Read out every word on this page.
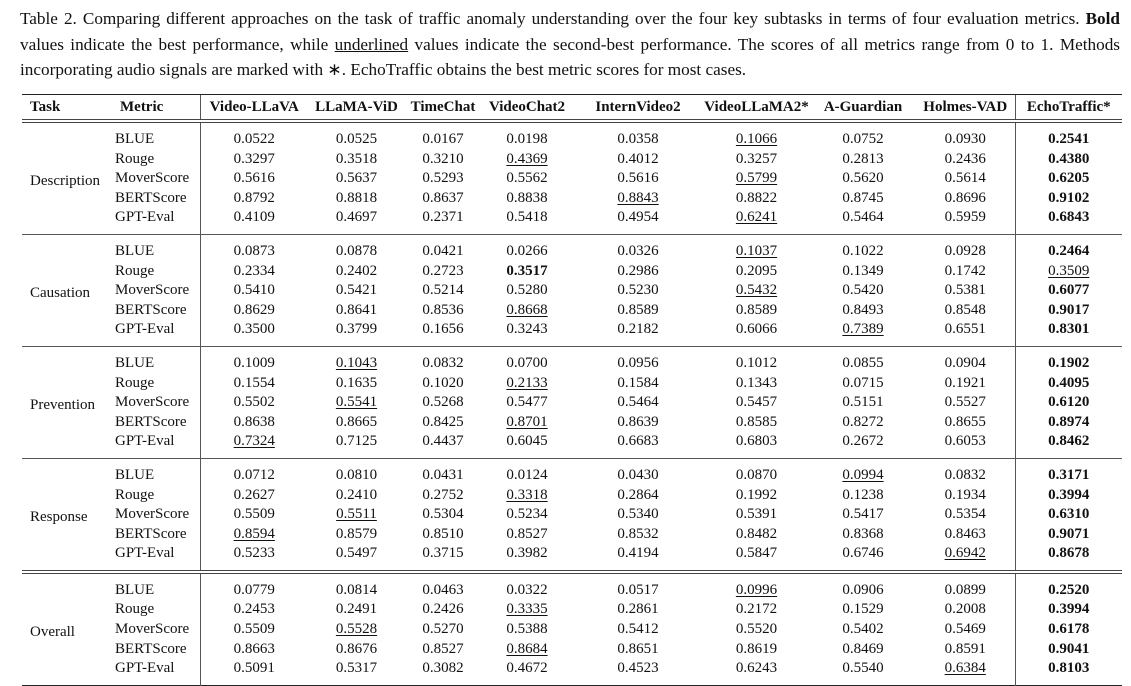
Table 2. Comparing different approaches on the task of traffic anomaly understanding over the four key subtasks in terms of four evaluation metrics. Bold values indicate the best performance, while underlined values indicate the second-best performance. The scores of all metrics range from 0 to 1. Methods incorporating audio signals are marked with ∗. EchoTraffic obtains the best metric scores for most cases.
Task	Metric	Video-LLaVA	LLaMA-ViD	TimeChat	VideoChat2	InternVideo2	VideoLLaMA2*	A-Guardian	Holmes-VAD	EchoTraffic*
Description	BLUE	0.0522	0.0525	0.0167	0.0198	0.0358	0.1066	0.0752	0.0930	0.2541
	Rouge	0.3297	0.3518	0.3210	0.4369	0.4012	0.3257	0.2813	0.2436	0.4380
	MoverScore	0.5616	0.5637	0.5293	0.5562	0.5616	0.5799	0.5620	0.5614	0.6205
	BERTScore	0.8792	0.8818	0.8637	0.8838	0.8843	0.8822	0.8745	0.8696	0.9102
	GPT-Eval	0.4109	0.4697	0.2371	0.5418	0.4954	0.6241	0.5464	0.5959	0.6843
Causation	BLUE	0.0873	0.0878	0.0421	0.0266	0.0326	0.1037	0.1022	0.0928	0.2464
	Rouge	0.2334	0.2402	0.2723	0.3517	0.2986	0.2095	0.1349	0.1742	0.3509
	MoverScore	0.5410	0.5421	0.5214	0.5280	0.5230	0.5432	0.5420	0.5381	0.6077
	BERTScore	0.8629	0.8641	0.8536	0.8668	0.8589	0.8589	0.8493	0.8548	0.9017
	GPT-Eval	0.3500	0.3799	0.1656	0.3243	0.2182	0.6066	0.7389	0.6551	0.8301
Prevention	BLUE	0.1009	0.1043	0.0832	0.0700	0.0956	0.1012	0.0855	0.0904	0.1902
	Rouge	0.1554	0.1635	0.1020	0.2133	0.1584	0.1343	0.0715	0.1921	0.4095
	MoverScore	0.5502	0.5541	0.5268	0.5477	0.5464	0.5457	0.5151	0.5527	0.6120
	BERTScore	0.8638	0.8665	0.8425	0.8701	0.8639	0.8585	0.8272	0.8655	0.8974
	GPT-Eval	0.7324	0.7125	0.4437	0.6045	0.6683	0.6803	0.2672	0.6053	0.8462
Response	BLUE	0.0712	0.0810	0.0431	0.0124	0.0430	0.0870	0.0994	0.0832	0.3171
	Rouge	0.2627	0.2410	0.2752	0.3318	0.2864	0.1992	0.1238	0.1934	0.3994
	MoverScore	0.5509	0.5511	0.5304	0.5234	0.5340	0.5391	0.5417	0.5354	0.6310
	BERTScore	0.8594	0.8579	0.8510	0.8527	0.8532	0.8482	0.8368	0.8463	0.9071
	GPT-Eval	0.5233	0.5497	0.3715	0.3982	0.4194	0.5847	0.6746	0.6942	0.8678
Overall	BLUE	0.0779	0.0814	0.0463	0.0322	0.0517	0.0996	0.0906	0.0899	0.2520
	Rouge	0.2453	0.2491	0.2426	0.3335	0.2861	0.2172	0.1529	0.2008	0.3994
	MoverScore	0.5509	0.5528	0.5270	0.5388	0.5412	0.5520	0.5402	0.5469	0.6178
	BERTScore	0.8663	0.8676	0.8527	0.8684	0.8651	0.8619	0.8469	0.8591	0.9041
	GPT-Eval	0.5091	0.5317	0.3082	0.4672	0.4523	0.6243	0.5540	0.6384	0.8103
